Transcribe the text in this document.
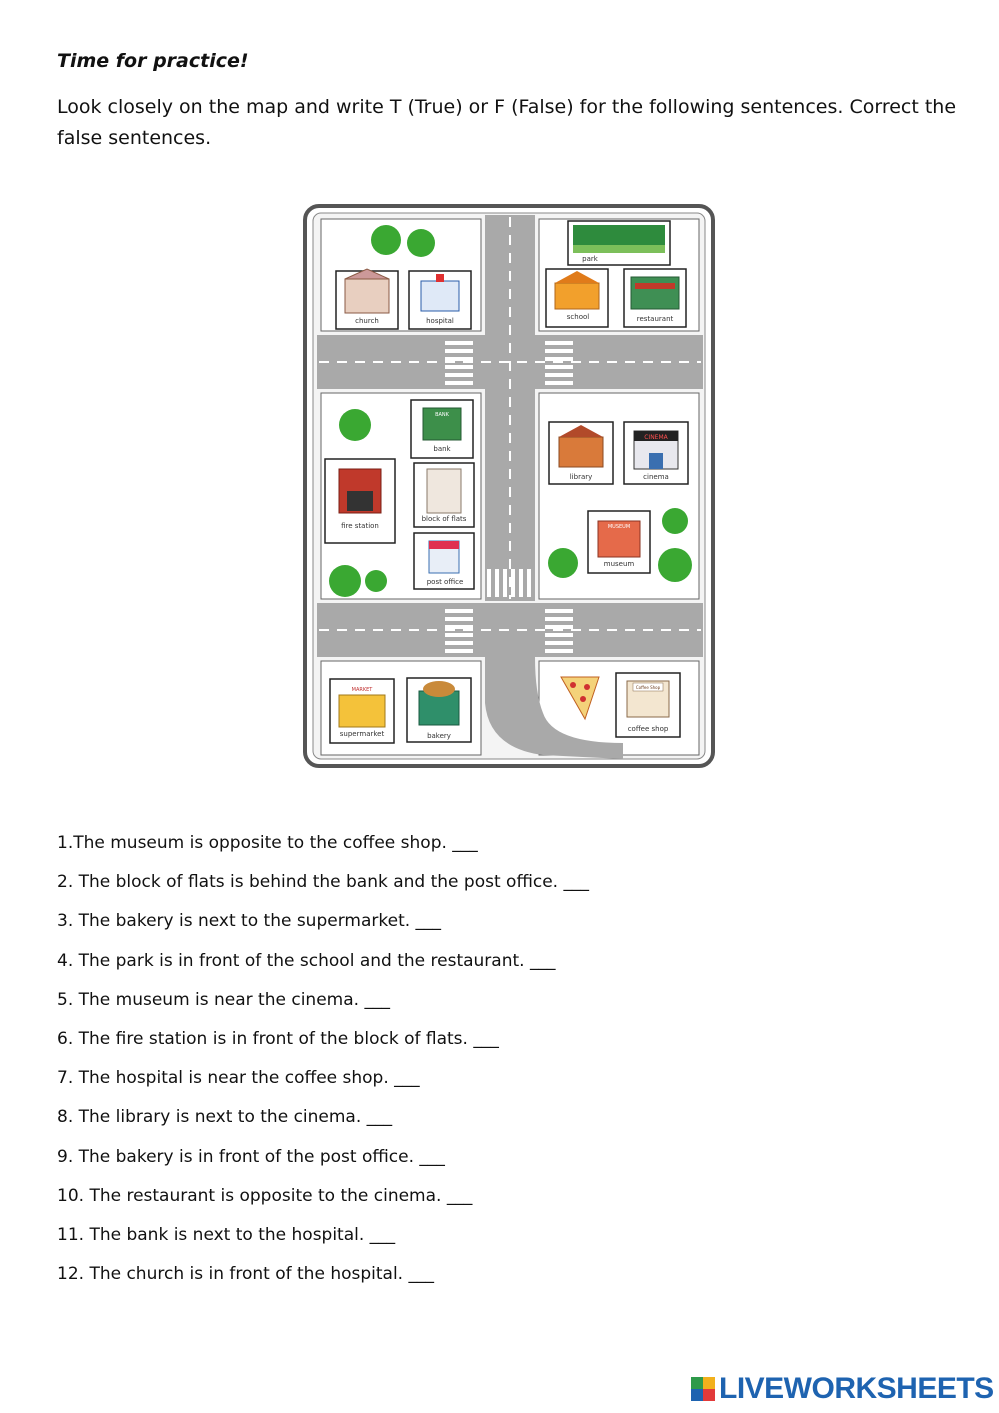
Time for practice!
Look closely on the map and write T (True) or F (False) for the following sentences. Correct the false sentences.
park
church	hospital	school	restaurant
BANK
bank
library
CINEMA
cinema
fire station
block of flats
MUSEUM
museum
post office
MARKET
supermarket	bakery
Coffee Shop
coffee shop
1.The museum is opposite to the coffee shop. ___
2. The block of flats is behind the bank and the post office. ___
3. The bakery is next to the supermarket. ___
4. The park is in front of the school and the restaurant. ___
5. The museum is near the cinema. ___
6. The fire station is in front of the block of flats. ___
7. The hospital is near the coffee shop. ___
8. The library is next to the cinema. ___
9. The bakery is in front of the post office. ___
10. The restaurant is opposite to the cinema. ___
11. The bank is next to the hospital. ___
12. The church is in front of the hospital. ___
LIVEWORKSHEETS
